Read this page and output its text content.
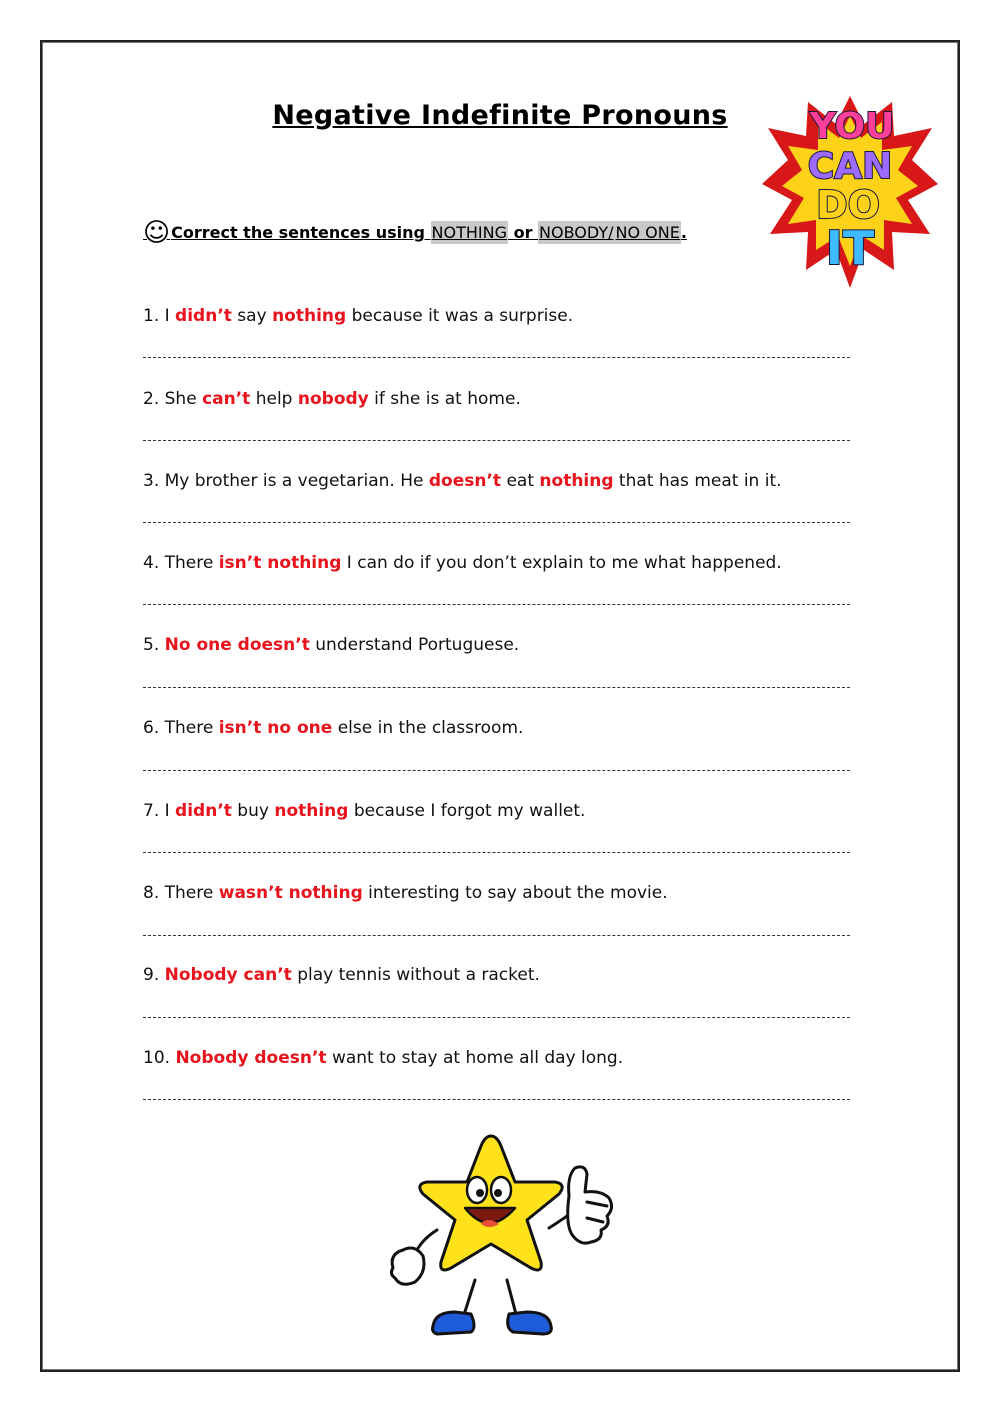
Negative Indefinite Pronouns
☺Correct the sentences using NOTHING or NOBODY/ NO ONE.
YOU
CAN
DO
IT
1. I didn’t say nothing because it was a surprise.
2. She can’t help nobody if she is at home.
3. My brother is a vegetarian. He doesn’t eat nothing that has meat in it.
4. There isn’t nothing I can do if you don’t explain to me what happened.
5. No one doesn’t understand Portuguese.
6. There isn’t no one else in the classroom.
7. I didn’t buy nothing because I forgot my wallet.
8. There wasn’t nothing interesting to say about the movie.
9. Nobody can’t play tennis without a racket.
10. Nobody doesn’t want to stay at home all day long.
